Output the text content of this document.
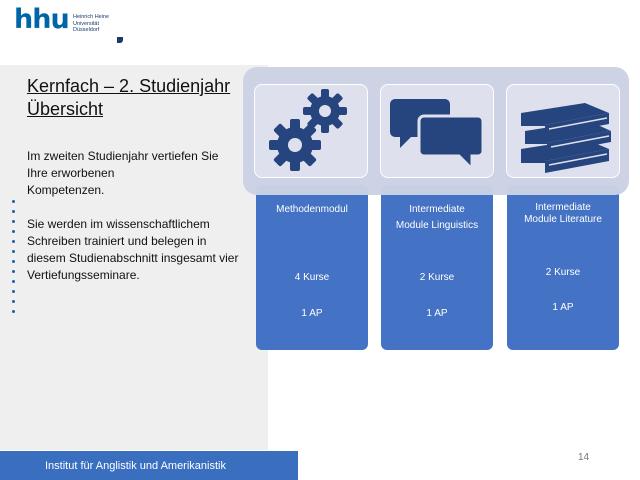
hhu Heinrich Heine
Universität
Düsseldorf
Kernfach – 2. Studienjahr
Übersicht
Im zweiten Studienjahr vertiefen Sie
Ihre erworbenen
Kompetenzen.
Sie werden im wissenschaftlichem
Schreiben trainiert und belegen in
diesem Studienabschnitt insgesamt vier
Vertiefungsseminare.
Methodenmodul
4 Kurse
1 AP
Intermediate
Module Linguistics
2 Kurse
1 AP
Intermediate
Module Literature
2 Kurse
1 AP
Institut für Anglistik und Amerikanistik
14
